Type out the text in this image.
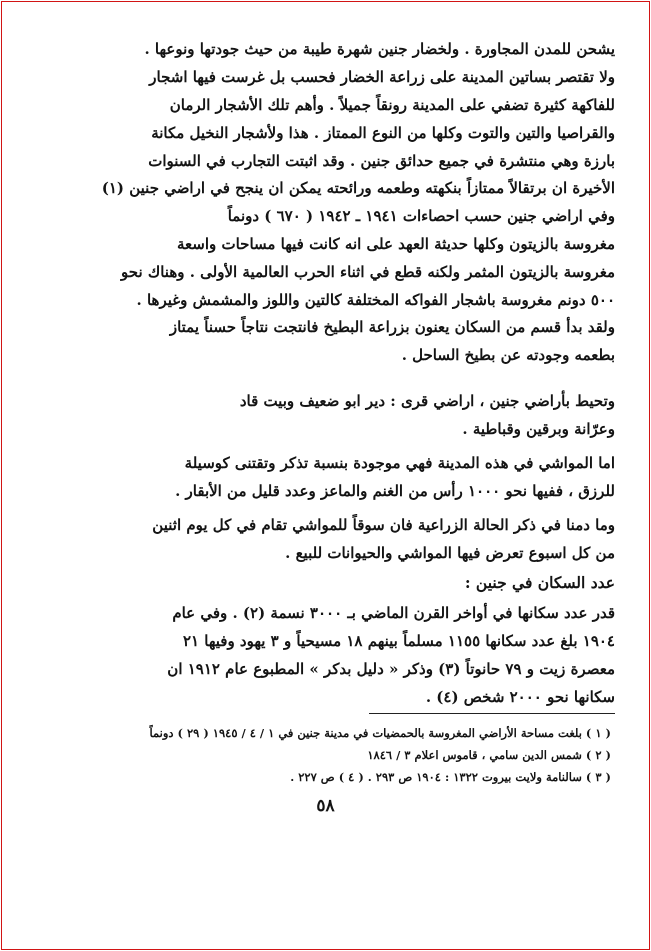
يشحن للمدن المجاورة . ولخضار جنين شهرة طيبة من حيث جودتها ونوعها .
ولا تقتصر بساتين المدينة على زراعة الخضار فحسب بل غرست فيها اشجار
للفاكهة كثيرة تضفي على المدينة رونقاً جميلاً . وأهم تلك الأشجار الرمان
والقراصيا والتين والتوت وكلها من النوع الممتاز . هذا ولأشجار النخيل مكانة
بارزة وهي منتشرة في جميع حدائق جنين . وقد اثبتت التجارب في السنوات
الأخيرة ان برتقالاً ممتازاً بنكهته وطعمه ورائحته يمكن ان ينجح في اراضي جنين (١)
وفي اراضي جنين حسب احصاءات ١٩٤١ ـ ١٩٤٢ ( ٦٧٠ ) دونماً
مغروسة بالزيتون وكلها حديثة العهد على انه كانت فيها مساحات واسعة
مغروسة بالزيتون المثمر ولكنه قطع في اثناء الحرب العالمية الأولى . وهناك نحو
٥٠٠ دونم مغروسة باشجار الفواكه المختلفة كالتين واللوز والمشمش وغيرها .
ولقد بدأ قسم من السكان يعنون بزراعة البطيخ فانتجت نتاجاً حسناً يمتاز
بطعمه وجودته عن بطيخ الساحل .
وتحيط بأراضي جنين ، اراضي قرى : دير ابو ضعيف وبيت قاد
وعرّانة وبرقين وقباطية .
اما المواشي في هذه المدينة فهي موجودة بنسبة تذكر وتقتنى كوسيلة
للرزق ، ففيها نحو ١٠٠٠ رأس من الغنم والماعز وعدد قليل من الأبقار .
وما دمنا في ذكر الحالة الزراعية فان سوقاً للمواشي تقام في كل يوم اثنين
من كل اسبوع تعرض فيها المواشي والحيوانات للبيع .
عدد السكان في جنين :
قدر عدد سكانها في أواخر القرن الماضي بـ ٣٠٠٠ نسمة (٢) . وفي عام
١٩٠٤ بلغ عدد سكانها ١١٥٥ مسلماً بينهم ١٨ مسيحياً و ٣ يهود وفيها ٢١
معصرة زيت و ٧٩ حانوتاً (٣) وذكر « دليل بدكر » المطبوع عام ١٩١٢ ان
سكانها نحو ٢٠٠٠ شخص (٤) .
( ١ ) بلغت مساحة الأراضي المغروسة بالحمضيات في مدينة جنين في ١ / ٤ / ١٩٤٥ ( ٢٩ ) دونماً
( ٢ ) شمس الدين سامي ، قاموس اعلام ٣ / ١٨٤٦
( ٣ ) سالنامة ولايت بيروت ١٣٢٢ : ١٩٠٤ ص ٢٩٣ . ( ٤ ) ص ٢٢٧ .
٥٨
